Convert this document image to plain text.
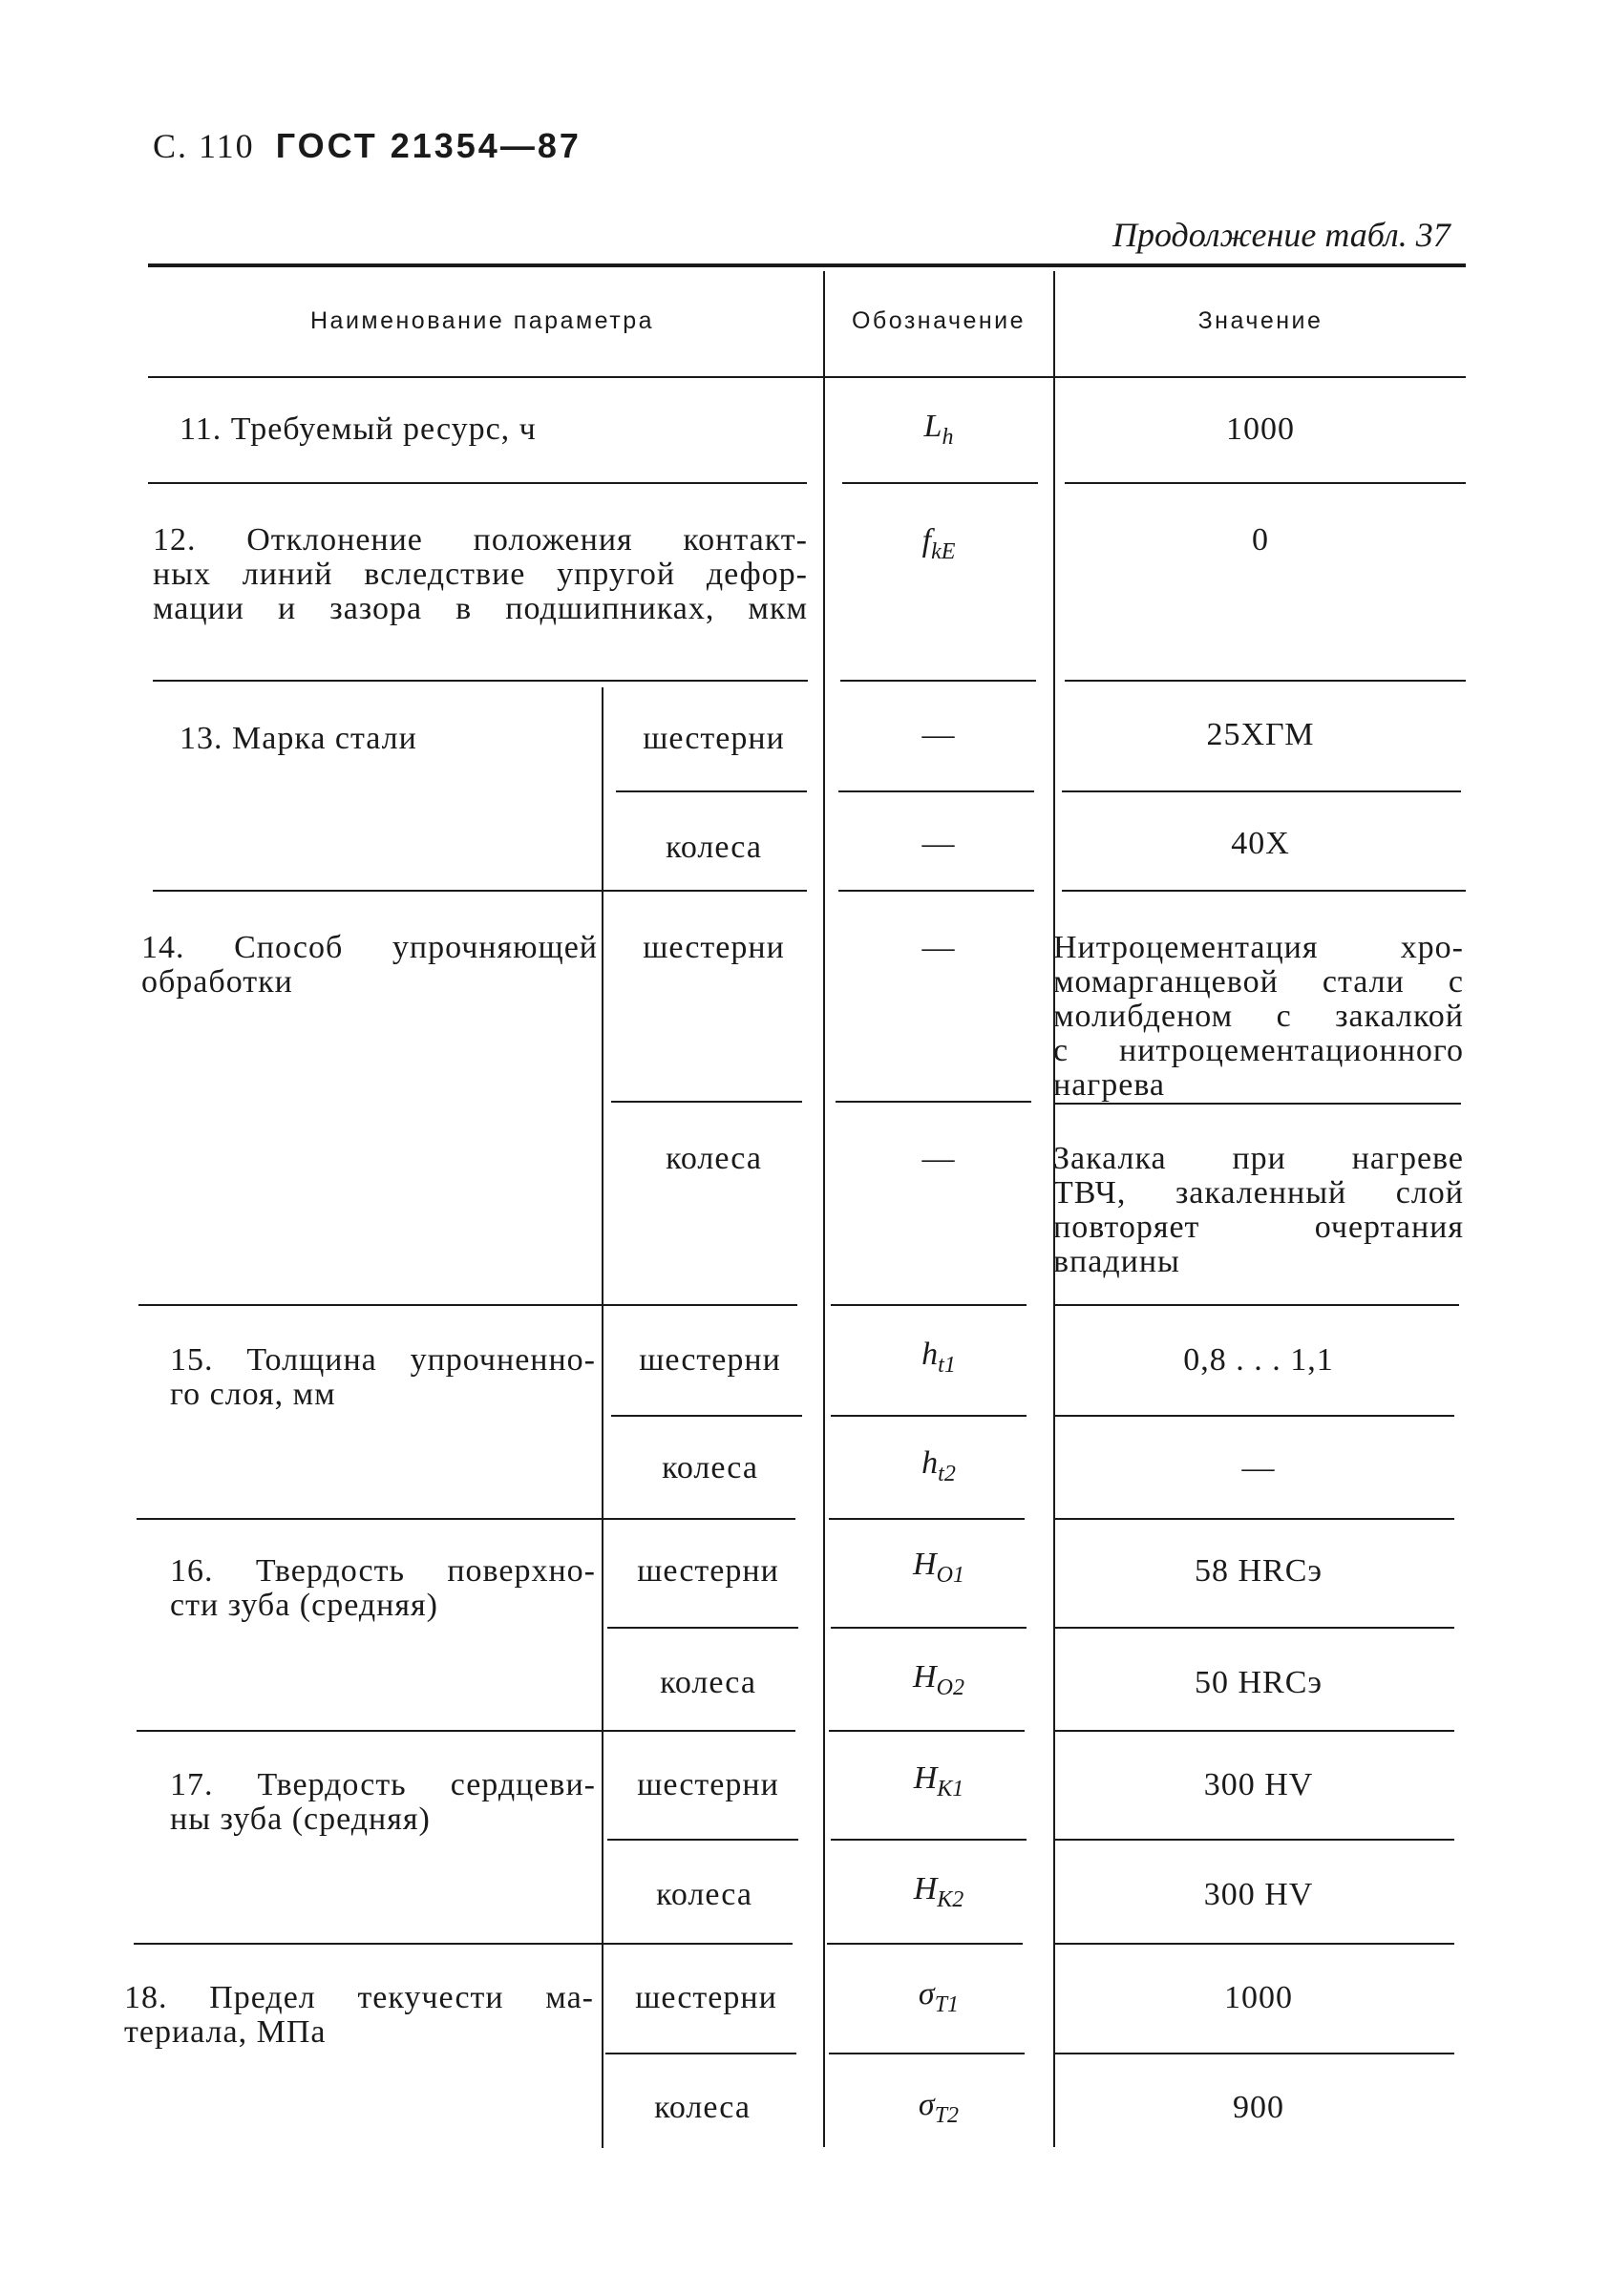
С. 110 ГОСТ 21354—87
Продолжение табл. 37
Наименование параметра	Обозначение	Значение
11. Требуемый ресурс, ч	$L_h$	1000
12. Отклонение положения контакт-
ных линий вследствие упругой дефор-
мации и зазора в подшипниках, мкм
$f_{kE}$	0
13. Марка стали	шестерни	—	25ХГМ
колеса	—	40Х
14. Способ упрочняющей
обработки
шестерни	—	Нитроцементация хро-
момарганцевой стали с
молибденом с закалкой
с нитроцементационного
нагрева
колеса	—	Закалка при нагреве
ТВЧ, закаленный слой
повторяет очертания
впадины
15. Толщина упрочненно-
го слоя, мм
шестерни	$h_{t1}$	0,8 . . . 1,1
колеса	$h_{t2}$	—
16. Твердость поверхно-
сти зуба (средняя)
шестерни	$H_{O1}$	58 HRCэ
колеса	$H_{O2}$	50 HRCэ
17. Твердость сердцеви-
ны зуба (средняя)
шестерни	$H_{K1}$	300 HV
колеса	$H_{K2}$	300 HV
18. Предел текучести ма-
териала, МПа
шестерни	$\sigma_{T1}$	1000
колеса	$\sigma_{T2}$	900
